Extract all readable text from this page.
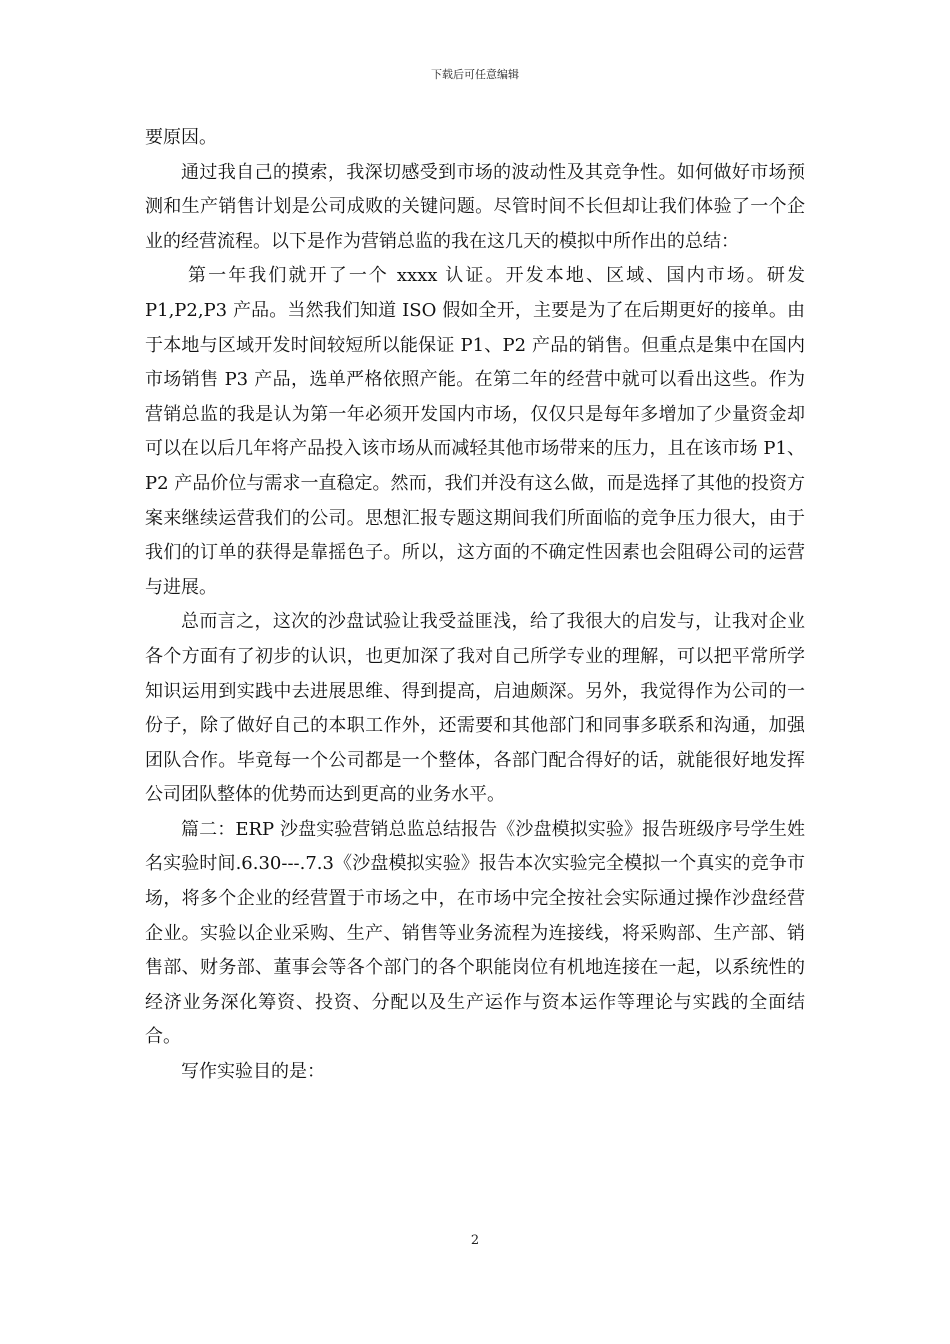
下载后可任意编辑

要原因。

通过我自己的摸索，我深切感受到市场的波动性及其竞争性。如何做好市场预测和生产销售计划是公司成败的关键问题。尽管时间不长但却让我们体验了一个企业的经营流程。以下是作为营销总监的我在这几天的模拟中所作出的总结：

第一年我们就开了一个 xxxx 认证。开发本地、区域、国内市场。研发 P1,P2,P3 产品。当然我们知道 ISO 假如全开，主要是为了在后期更好的接单。由于本地与区域开发时间较短所以能保证 P1、P2 产品的销售。但重点是集中在国内市场销售 P3 产品，选单严格依照产能。在第二年的经营中就可以看出这些。作为营销总监的我是认为第一年必须开发国内市场，仅仅只是每年多增加了少量资金却可以在以后几年将产品投入该市场从而减轻其他市场带来的压力，且在该市场 P1、P2 产品价位与需求一直稳定。然而，我们并没有这么做，而是选择了其他的投资方案来继续运营我们的公司。思想汇报专题这期间我们所面临的竞争压力很大，由于我们的订单的获得是靠摇色子。所以，这方面的不确定性因素也会阻碍公司的运营与进展。

总而言之，这次的沙盘试验让我受益匪浅，给了我很大的启发与，让我对企业各个方面有了初步的认识，也更加深了我对自己所学专业的理解，可以把平常所学知识运用到实践中去进展思维、得到提高，启迪颇深。另外，我觉得作为公司的一份子，除了做好自己的本职工作外，还需要和其他部门和同事多联系和沟通，加强团队合作。毕竟每一个公司都是一个整体，各部门配合得好的话，就能很好地发挥公司团队整体的优势而达到更高的业务水平。

篇二：ERP 沙盘实验营销总监总结报告《沙盘模拟实验》报告班级序号学生姓名实验时间.6.30---.7.3《沙盘模拟实验》报告本次实验完全模拟一个真实的竞争市场，将多个企业的经营置于市场之中，在市场中完全按社会实际通过操作沙盘经营企业。实验以企业采购、生产、销售等业务流程为连接线，将采购部、生产部、销售部、财务部、董事会等各个部门的各个职能岗位有机地连接在一起，以系统性的经济业务深化筹资、投资、分配以及生产运作与资本运作等理论与实践的全面结合。

写作实验目的是：

2
